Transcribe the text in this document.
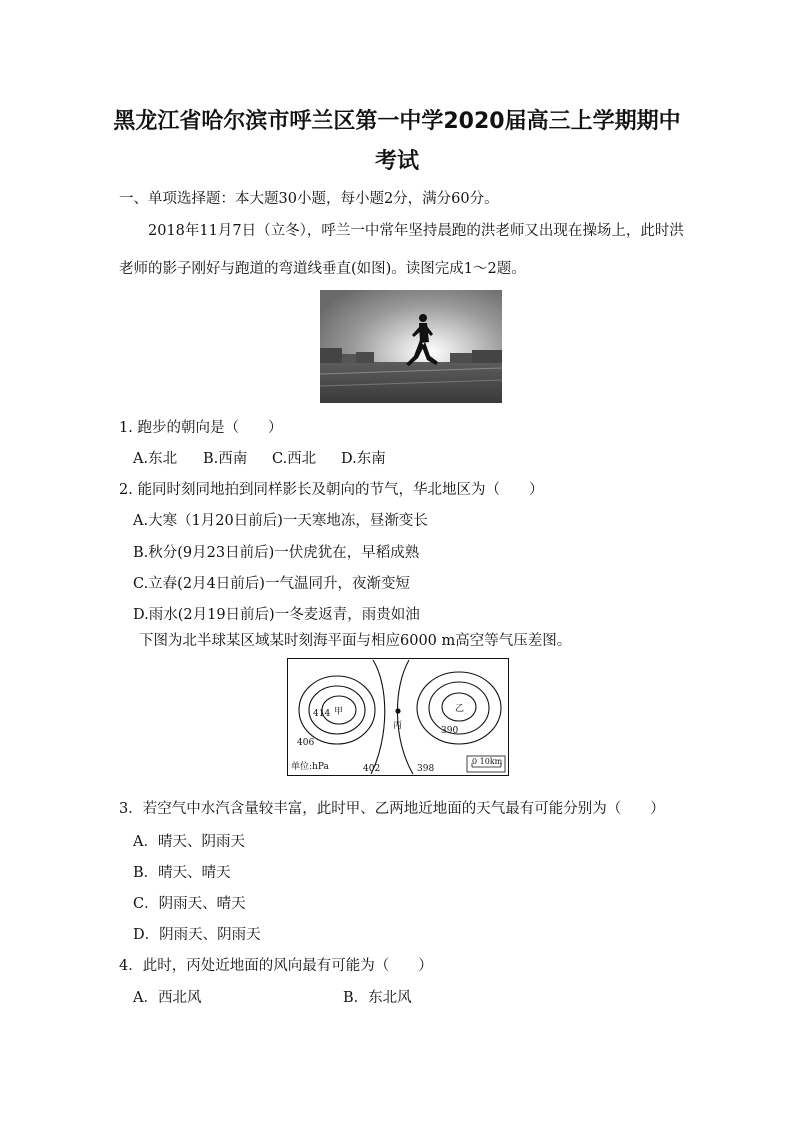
黑龙江省哈尔滨市呼兰区第一中学2020届高三上学期期中
考试
一、单项选择题：本大题30小题，每小题2分，满分60分。
2018年11月7日（立冬），呼兰一中常年坚持晨跑的洪老师又出现在操场上，此时洪
老师的影子刚好与跑道的弯道线垂直(如图)。读图完成1～2题。
1. 跑步的朝向是（　　）
A.东北 B.西南 C.西北 D.东南
2. 能同时刻同地拍到同样影长及朝向的节气，华北地区为（　　）
A.大寒（1月20日前后)一天寒地冻，昼渐变长
B.秋分(9月23日前后)一伏虎犹在，早稻成熟
C.立春(2月4日前后)一气温同升，夜渐变短
D.雨水(2月19日前后)一冬麦返青，雨贵如油
下图为北半球某区域某时刻海平面与相应6000 m高空等气压差图。
414 甲
406
丙
乙
390
402	398
单位:hPa
0 10km
3．若空气中水汽含量较丰富，此时甲、乙两地近地面的天气最有可能分别为（　　）
A．晴天、阴雨天
B．晴天、晴天
C．阴雨天、晴天
D．阴雨天、阴雨天
4．此时，丙处近地面的风向最有可能为（　　）
A．西北风	B．东北风
